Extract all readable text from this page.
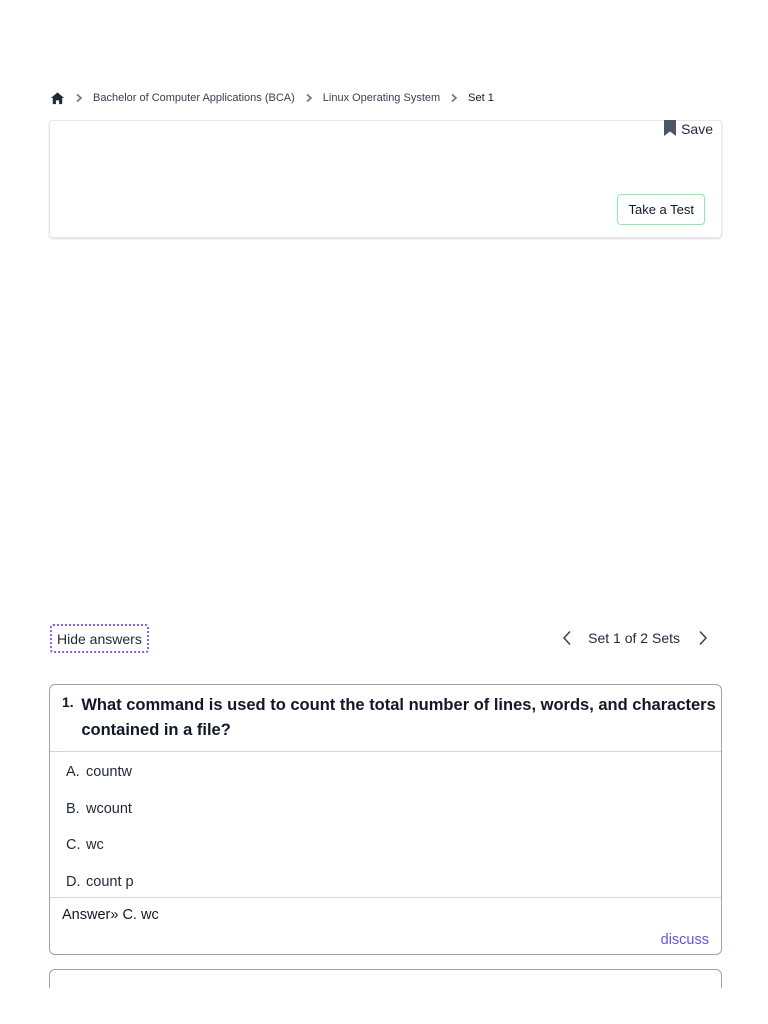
Bachelor of Computer Applications (BCA)	Linux Operating System	Set 1
Save
Take a Test
Hide answers	Set 1 of 2 Sets
1. What command is used to count the total number of lines, words, and characters contained in a file?
A. countw
B. wcount
C. wc
D. count p
Answer» C. wc
discuss
